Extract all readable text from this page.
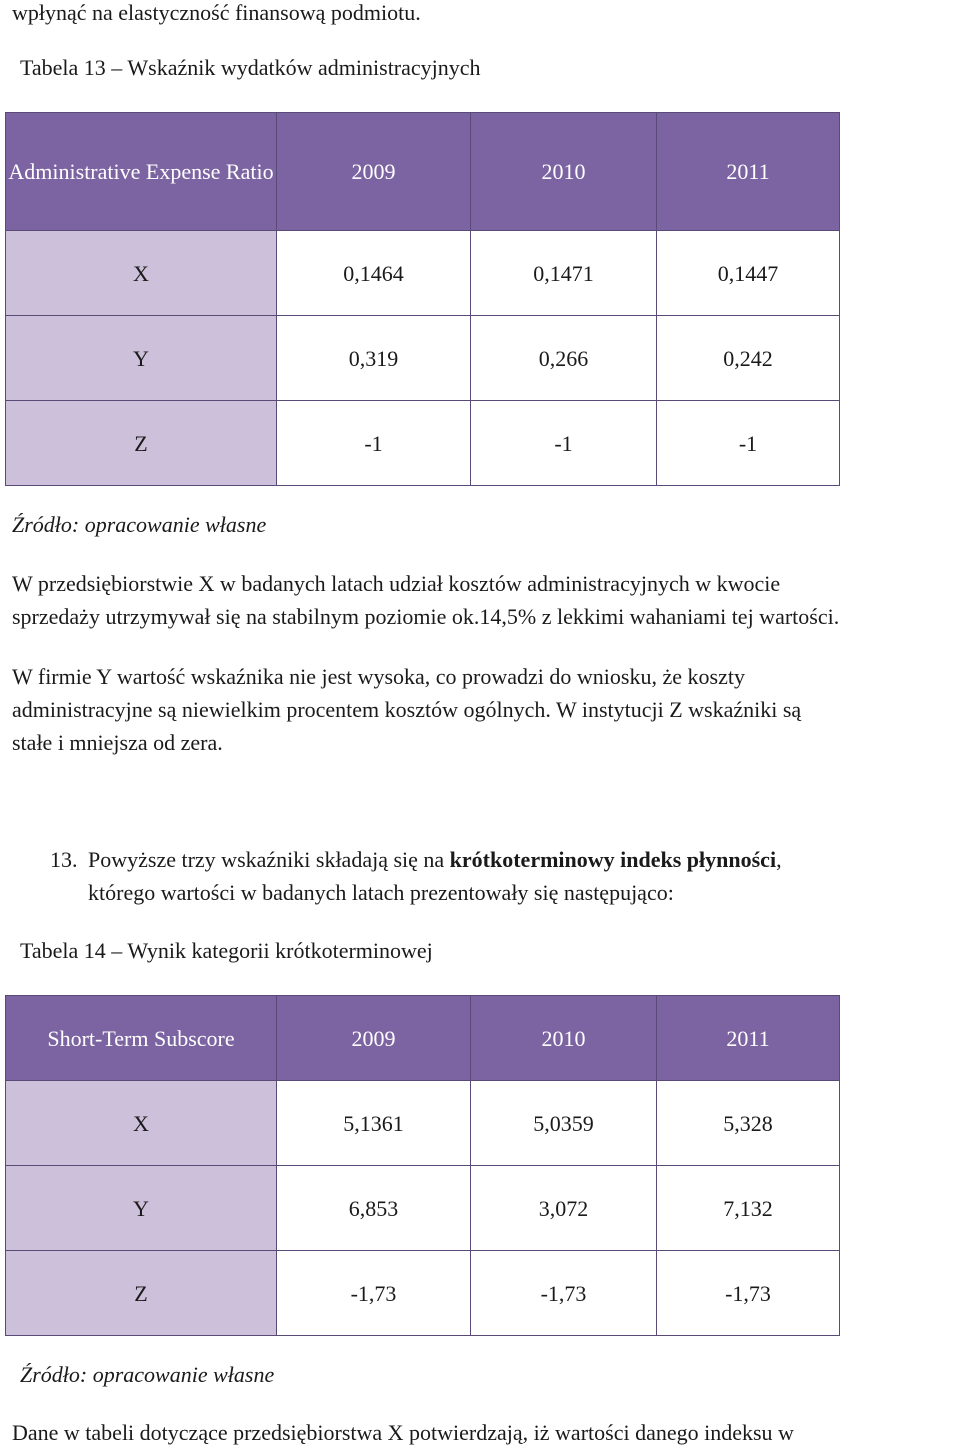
wpłynąć na elastyczność finansową podmiotu.
Tabela 13 – Wskaźnik wydatków administracyjnych
Administrative Expense Ratio	2009	2010	2011
X	0,1464	0,1471	0,1447
Y	0,319	0,266	0,242
Z	-1	-1	-1
Źródło: opracowanie własne
W przedsiębiorstwie X w badanych latach udział kosztów administracyjnych w kwocie
sprzedaży utrzymywał się na stabilnym poziomie ok.14,5% z lekkimi wahaniami tej wartości.
W firmie Y wartość wskaźnika nie jest wysoka, co prowadzi do wniosku, że koszty
administracyjne są niewielkim procentem kosztów ogólnych. W instytucji Z wskaźniki są
stałe i mniejsza od zera.
13. Powyższe trzy wskaźniki składają się na krótkoterminowy indeks płynności,
którego wartości w badanych latach prezentowały się następująco:
Tabela 14 – Wynik kategorii krótkoterminowej
Short-Term Subscore	2009	2010	2011
X	5,1361	5,0359	5,328
Y	6,853	3,072	7,132
Z	-1,73	-1,73	-1,73
Źródło: opracowanie własne
Dane w tabeli dotyczące przedsiębiorstwa X potwierdzają, iż wartości danego indeksu w
